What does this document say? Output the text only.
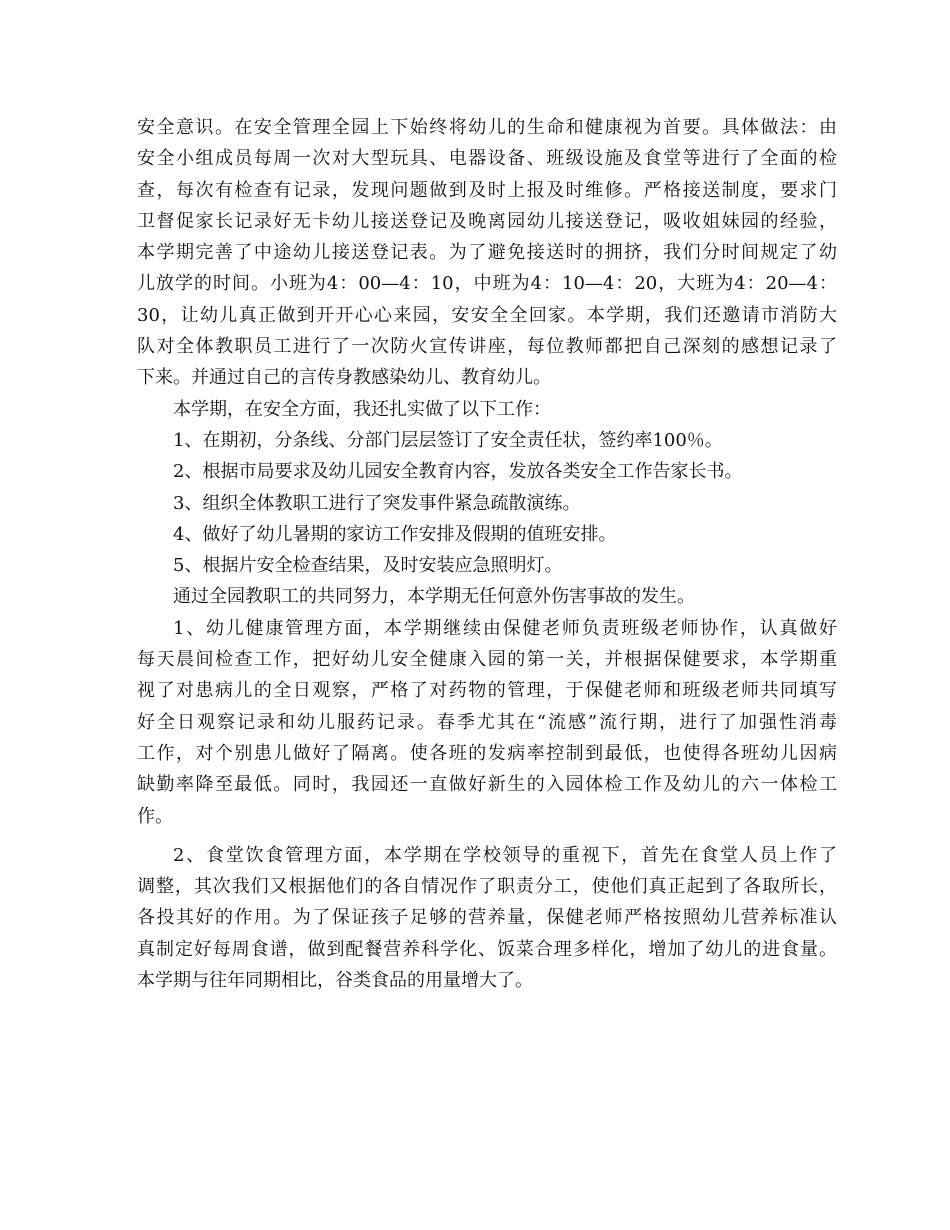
安全意识。在安全管理全园上下始终将幼儿的生命和健康视为首要。具体做法：由
安全小组成员每周一次对大型玩具、电器设备、班级设施及食堂等进行了全面的检
查，每次有检查有记录，发现问题做到及时上报及时维修。严格接送制度，要求门
卫督促家长记录好无卡幼儿接送登记及晚离园幼儿接送登记，吸收姐妹园的经验，
本学期完善了中途幼儿接送登记表。为了避免接送时的拥挤，我们分时间规定了幼
儿放学的时间。小班为4：00—4：10，中班为4：10—4：20，大班为4：20—4：
30，让幼儿真正做到开开心心来园，安安全全回家。本学期，我们还邀请市消防大
队对全体教职员工进行了一次防火宣传讲座，每位教师都把自己深刻的感想记录了
下来。并通过自己的言传身教感染幼儿、教育幼儿。
本学期，在安全方面，我还扎实做了以下工作：
1、在期初，分条线、分部门层层签订了安全责任状，签约率100％。
2、根据市局要求及幼儿园安全教育内容，发放各类安全工作告家长书。
3、组织全体教职工进行了突发事件紧急疏散演练。
4、做好了幼儿暑期的家访工作安排及假期的值班安排。
5、根据片安全检查结果，及时安装应急照明灯。
通过全园教职工的共同努力，本学期无任何意外伤害事故的发生。
1、幼儿健康管理方面，本学期继续由保健老师负责班级老师协作，认真做好
每天晨间检查工作，把好幼儿安全健康入园的第一关，并根据保健要求，本学期重
视了对患病儿的全日观察，严格了对药物的管理，于保健老师和班级老师共同填写
好全日观察记录和幼儿服药记录。春季尤其在“流感”流行期，进行了加强性消毒
工作，对个别患儿做好了隔离。使各班的发病率控制到最低，也使得各班幼儿因病
缺勤率降至最低。同时，我园还一直做好新生的入园体检工作及幼儿的六一体检工
作。
2、食堂饮食管理方面，本学期在学校领导的重视下，首先在食堂人员上作了
调整，其次我们又根据他们的各自情况作了职责分工，使他们真正起到了各取所长，
各投其好的作用。为了保证孩子足够的营养量，保健老师严格按照幼儿营养标准认
真制定好每周食谱，做到配餐营养科学化、饭菜合理多样化，增加了幼儿的进食量。
本学期与往年同期相比，谷类食品的用量增大了。
